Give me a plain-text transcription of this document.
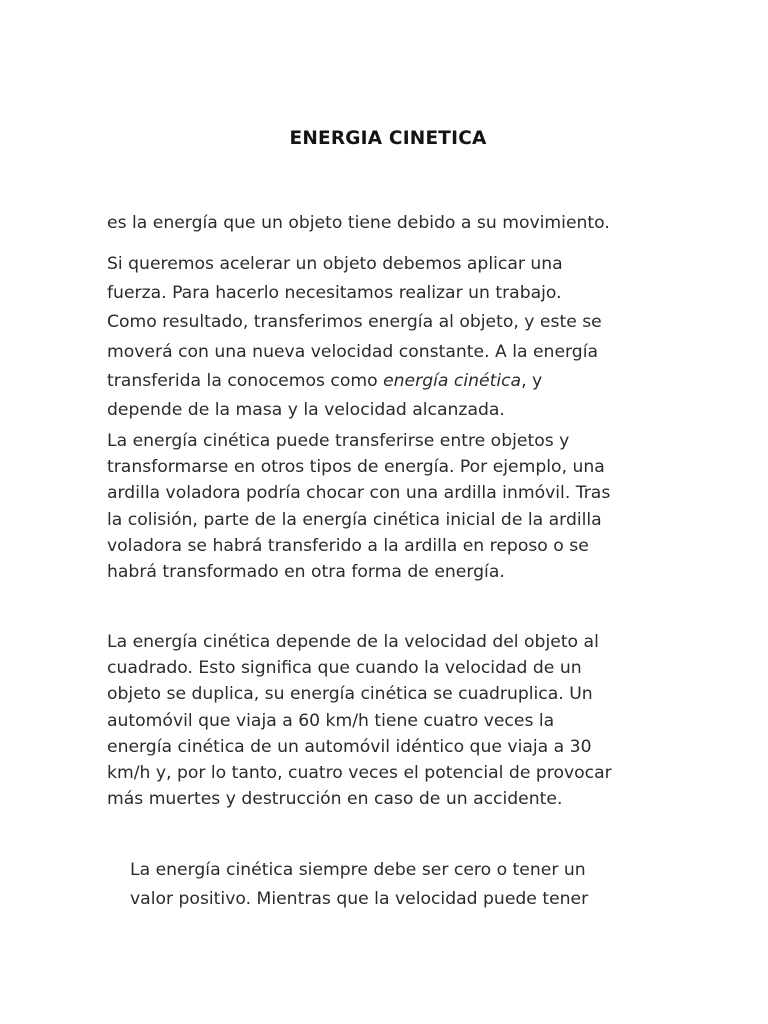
ENERGIA CINETICA

es la energía que un objeto tiene debido a su movimiento.

Si queremos acelerar un objeto debemos aplicar una
fuerza. Para hacerlo necesitamos realizar un trabajo.
Como resultado, transferimos energía al objeto, y este se
moverá con una nueva velocidad constante. A la energía
transferida la conocemos como energía cinética, y
depende de la masa y la velocidad alcanzada.

La energía cinética puede transferirse entre objetos y
transformarse en otros tipos de energía. Por ejemplo, una
ardilla voladora podría chocar con una ardilla inmóvil. Tras
la colisión, parte de la energía cinética inicial de la ardilla
voladora se habrá transferido a la ardilla en reposo o se
habrá transformado en otra forma de energía.

La energía cinética depende de la velocidad del objeto al
cuadrado. Esto significa que cuando la velocidad de un
objeto se duplica, su energía cinética se cuadruplica. Un
automóvil que viaja a 60 km/h tiene cuatro veces la
energía cinética de un automóvil idéntico que viaja a 30
km/h y, por lo tanto, cuatro veces el potencial de provocar
más muertes y destrucción en caso de un accidente.

La energía cinética siempre debe ser cero o tener un
valor positivo. Mientras que la velocidad puede tener
